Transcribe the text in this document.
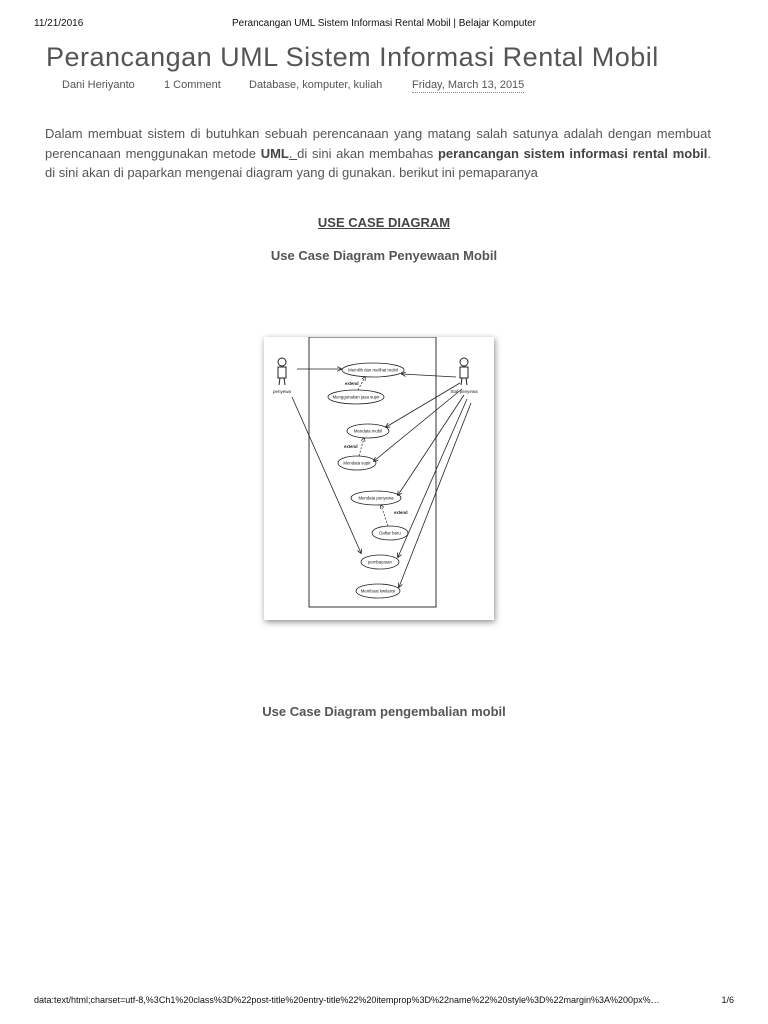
11/21/2016	Perancangan UML Sistem Informasi Rental Mobil | Belajar Komputer
Perancangan UML Sistem Informasi Rental Mobil
Dani Heriyanto	1 Comment	Database, komputer, kuliah	Friday, March 13, 2015

Dalam membuat sistem di butuhkan sebuah perencanaan yang matang salah satunya adalah dengan membuat perencanaan menggunakan metode UML. di sini akan membahas perancangan sistem informasi rental mobil. di sini akan di paparkan mengenai diagram yang di gunakan. berikut ini pemaparanya

USE CASE DIAGRAM
Use Case Diagram Penyewaan Mobil
penyewa	Staf penyewa
Memilih dan melihat mobil
Menggunakan jasa supir
Mendata mobil
Mendata supir
Mendata penyewa
Daftar baru
pembayaran
Membuat kwitansi
extend
extend
extend
Use Case Diagram pengembalian mobil
data:text/html;charset=utf-8,%3Ch1%20class%3D%22post-title%20entry-title%22%20itemprop%3D%22name%22%20style%3D%22margin%3A%200px%…	1/6
